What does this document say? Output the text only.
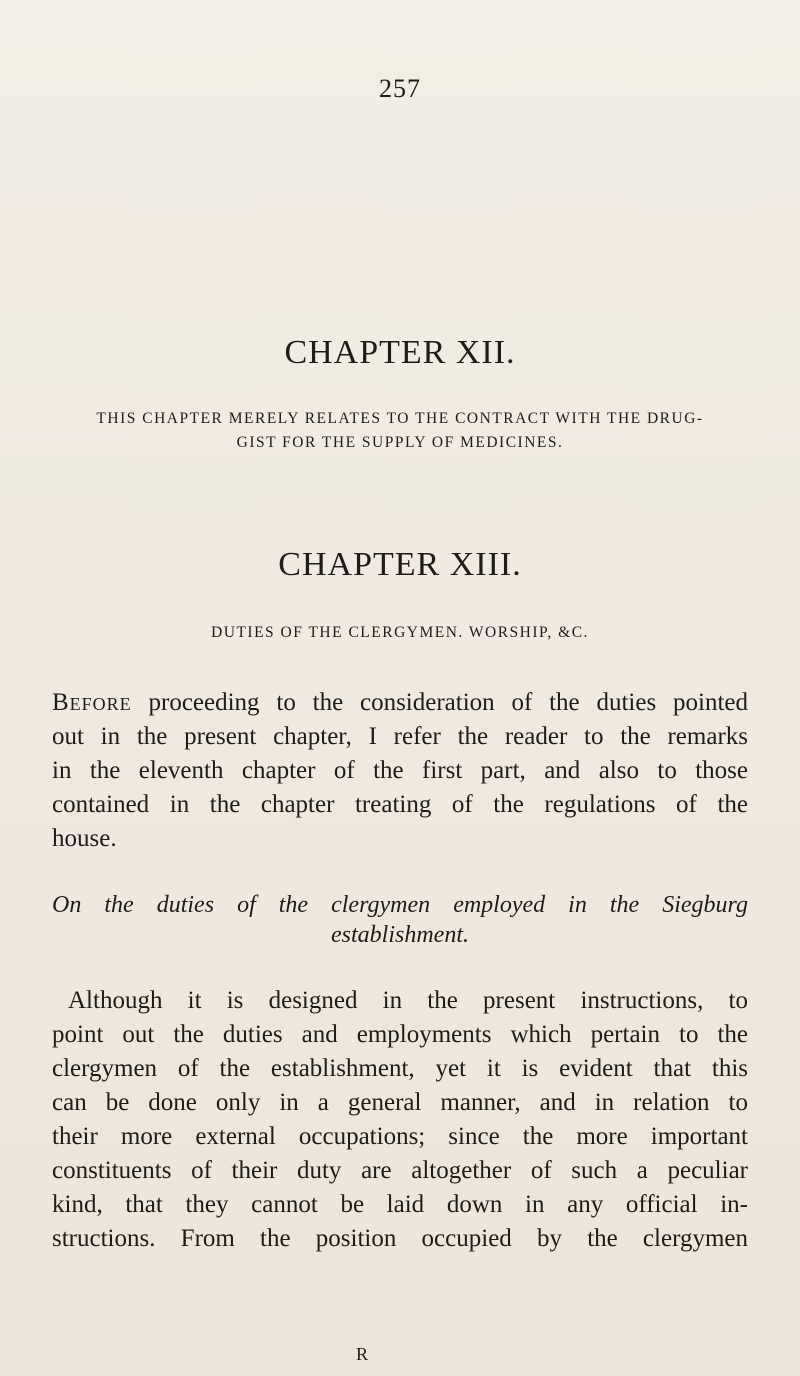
257
CHAPTER XII.
THIS CHAPTER MERELY RELATES TO THE CONTRACT WITH THE DRUG-
GIST FOR THE SUPPLY OF MEDICINES.
CHAPTER XIII.
DUTIES OF THE CLERGYMEN. WORSHIP, &C.
Before proceeding to the consideration of the duties pointed
out in the present chapter, I refer the reader to the remarks
in the eleventh chapter of the first part, and also to those
contained in the chapter treating of the regulations of the
house.
On the duties of the clergymen employed in the Siegburg
establishment.
Although it is designed in the present instructions, to
point out the duties and employments which pertain to the
clergymen of the establishment, yet it is evident that this
can be done only in a general manner, and in relation to
their more external occupations; since the more important
constituents of their duty are altogether of such a peculiar
kind, that they cannot be laid down in any official in-
structions. From the position occupied by the clergymen
R
